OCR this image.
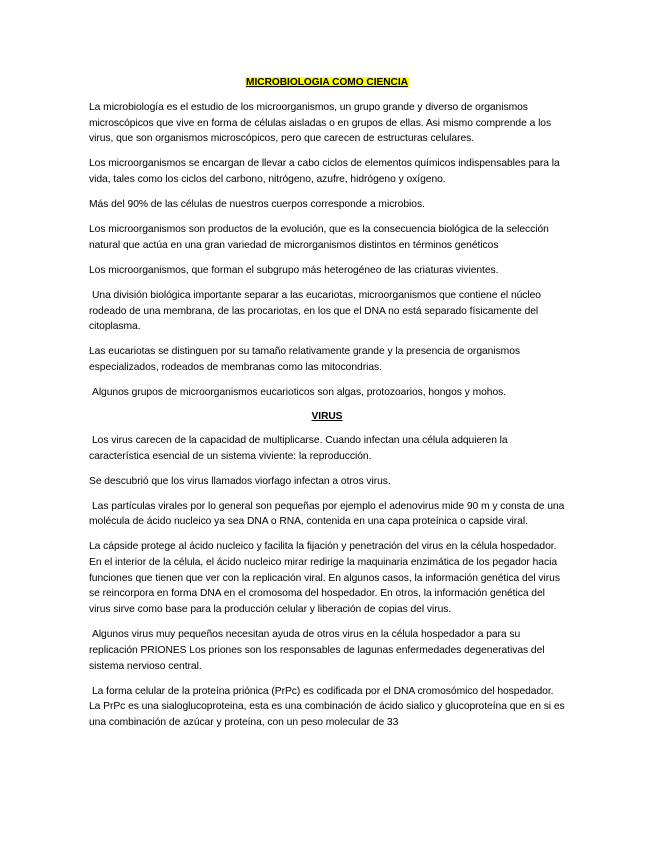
MICROBIOLOGIA COMO CIENCIA

La microbiología es el estudio de los microorganismos, un grupo grande y diverso de organismos microscópicos que vive en forma de células aisladas o en grupos de ellas. Asi mismo comprende a los virus, que son organismos microscópicos, pero que carecen de estructuras celulares.

Los microorganismos se encargan de llevar a cabo ciclos de elementos químicos indispensables para la vida, tales como los ciclos del carbono, nitrógeno, azufre, hidrógeno y oxígeno.

Más del 90% de las células de nuestros cuerpos corresponde a microbios.

Los microorganismos son productos de la evolución, que es la consecuencia biológica de la selección natural que actúa en una gran variedad de microrganismos distintos en términos genéticos

Los microorganismos, que forman el subgrupo más heterogéneo de las criaturas vivientes.

Una división biológica importante separar a las eucariotas, microorganismos que contiene el núcleo rodeado de una membrana, de las procariotas, en los que el DNA no está separado físicamente del citoplasma.

Las eucariotas se distinguen por su tamaño relativamente grande y la presencia de organismos especializados, rodeados de membranas como las mitocondrias.

Algunos grupos de microorganismos eucarioticos son algas, protozoarios, hongos y mohos.

VIRUS

Los virus carecen de la capacidad de multiplicarse. Cuando infectan una célula adquieren la característica esencial de un sistema viviente: la reproducción.

Se descubrió que los virus llamados viorfago infectan a otros virus.

Las partículas virales por lo general son pequeñas por ejemplo el adenovirus mide 90 m y consta de una molécula de ácido nucleico ya sea DNA o RNA, contenida en una capa proteínica o capside viral.

La cápside protege al ácido nucleico y facilita la fijación y penetración del virus en la célula hospedador. En el interior de la célula, el ácido nucleico mirar redirige la maquinaria enzimática de los pegador hacia funciones que tienen que ver con la replicación viral. En algunos casos, la información genética del virus se reincorpora en forma DNA en el cromosoma del hospedador. En otros, la información genética del virus sirve como base para la producción celular y liberación de copias del virus.

Algunos virus muy pequeños necesitan ayuda de otros virus en la célula hospedador a para su replicación PRIONES Los priones son los responsables de lagunas enfermedades degenerativas del sistema nervioso central.

La forma celular de la proteína priónica (PrPc) es codificada por el DNA cromosómico del hospedador. La PrPc es una sialoglucoproteina, esta es una combinación de ácido sialico y glucoproteína que en si es una combinación de azúcar y proteína, con un peso molecular de 33
